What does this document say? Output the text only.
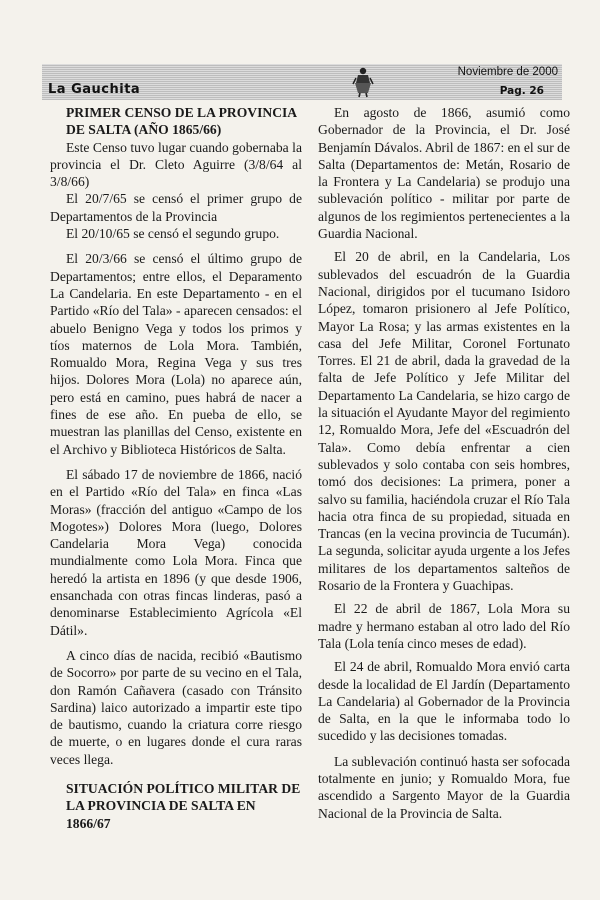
La Gauchita
Noviembre de 2000
Pag. 26
PRIMER CENSO DE LA PROVINCIA DE SALTA (AÑO 1865/66)

Este Censo tuvo lugar cuando gobernaba la provincia el Dr. Cleto Aguirre (3/8/64 al 3/8/66)

El 20/7/65 se censó el primer grupo de Departamentos de la Provincia

El 20/10/65 se censó el segundo grupo.

El 20/3/66 se censó el último grupo de Departamentos; entre ellos, el Deparamento La Candelaria. En este Departamento - en el Partido «Río del Tala» - aparecen censados: el abuelo Benigno Vega y todos los primos y tíos maternos de Lola Mora. También, Romualdo Mora, Regina Vega y sus tres hijos. Dolores Mora (Lola) no aparece aún, pero está en camino, pues habrá de nacer a fines de ese año. En pueba de ello, se muestran las planillas del Censo, existente en el Archivo y Biblioteca Históricos de Salta.

El sábado 17 de noviembre de 1866, nació en el Partido «Río del Tala» en finca «Las Moras» (fracción del antiguo «Campo de los Mogotes») Dolores Mora (luego, Dolores Candelaria Mora Vega) conocida mundialmente como Lola Mora. Finca que heredó la artista en 1896 (y que desde 1906, ensanchada con otras fincas linderas, pasó a denominarse Establecimiento Agrícola «El Dátil».

A cinco días de nacida, recibió «Bautismo de Socorro» por parte de su vecino en el Tala, don Ramón Cañavera (casado con Tránsito Sardina) laico autorizado a impartir este tipo de bautismo, cuando la criatura corre riesgo de muerte, o en lugares donde el cura raras veces llega.

SITUACIÓN POLÍTICO MILITAR DE LA PROVINCIA DE SALTA EN 1866/67

En agosto de 1866, asumió como Gobernador de la Provincia, el Dr. José Benjamín Dávalos. Abril de 1867: en el sur de Salta (Departamentos de: Metán, Rosario de la Frontera y La Candelaria) se produjo una sublevación político - militar por parte de algunos de los regimientos pertenecientes a la Guardia Nacional.

El 20 de abril, en la Candelaria, Los sublevados del escuadrón de la Guardia Nacional, dirigidos por el tucumano Isidoro López, tomaron prisionero al Jefe Político, Mayor La Rosa; y las armas existentes en la casa del Jefe Militar, Coronel Fortunato Torres. El 21 de abril, dada la gravedad de la falta de Jefe Político y Jefe Militar del Departamento La Candelaria, se hizo cargo de la situación el Ayudante Mayor del regimiento 12, Romualdo Mora, Jefe del «Escuadrón del Tala». Como debía enfrentar a cien sublevados y solo contaba con seis hombres, tomó dos decisiones: La primera, poner a salvo su familia, haciéndola cruzar el Río Tala hacia otra finca de su propiedad, situada en Trancas (en la vecina provincia de Tucumán). La segunda, solicitar ayuda urgente a los Jefes militares de los departamentos salteños de Rosario de la Frontera y Guachipas.

El 22 de abril de 1867, Lola Mora su madre y hermano estaban al otro lado del Río Tala (Lola tenía cinco meses de edad).

El 24 de abril, Romualdo Mora envió carta desde la localidad de El Jardín (Departamento La Candelaria) al Gobernador de la Provincia de Salta, en la que le informaba todo lo sucedido y las decisiones tomadas.

La sublevación continuó hasta ser sofocada totalmente en junio; y Romualdo Mora, fue ascendido a Sargento Mayor de la Guardia Nacional de la Provincia de Salta.
